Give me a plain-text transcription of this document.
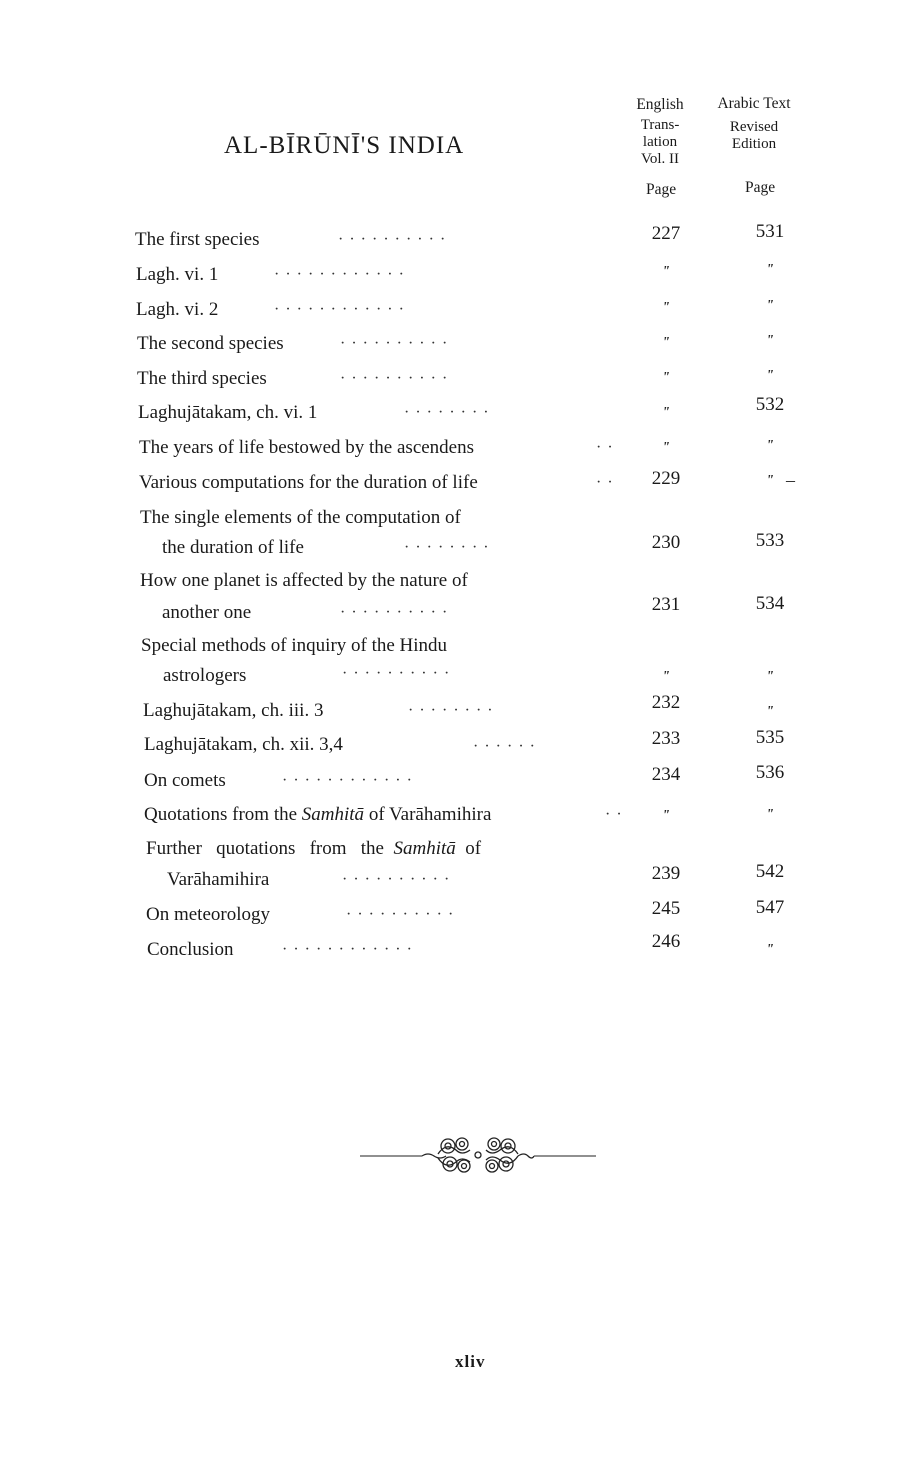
AL-BĪRŪNĪ'S INDIA
English
Trans-
lation
Vol. II
Arabic Text
Revised
Edition
Page	Page
The first species	· · · · · · · · · ·	227	531
Lagh. vi. 1	· · · · · · · · · · · ·	"	"
Lagh. vi. 2	· · · · · · · · · · · ·	"	"
The second species	· · · · · · · · · ·	"	"
The third species	· · · · · · · · · ·	"	"
Laghujātakam, ch. vi. 1	· · · · · · · ·	"	532
The years of life bestowed by the ascendens	· ·	"	"
Various computations for the duration of life	· ·	229	"
The single elements of the computation of
the duration of life	· · · · · · · ·	230	533
How one planet is affected by the nature of
another one	· · · · · · · · · ·	231	534
Special methods of inquiry of the Hindu
astrologers	· · · · · · · · · ·	"	"
Laghujātakam, ch. iii. 3	· · · · · · · ·	232	"
Laghujātakam, ch. xii. 3,4	· · · · · ·	233	535
On comets	· · · · · · · · · · · ·	234	536
Quotations from the Samhitā of Varāhamihira	· ·	"	"
Further   quotations   from   the  Samhitā  of
Varāhamihira	· · · · · · · · · ·	239	542
On meteorology	· · · · · · · · · ·	245	547
Conclusion	· · · · · · · · · · · ·	246	"
–
xliv
